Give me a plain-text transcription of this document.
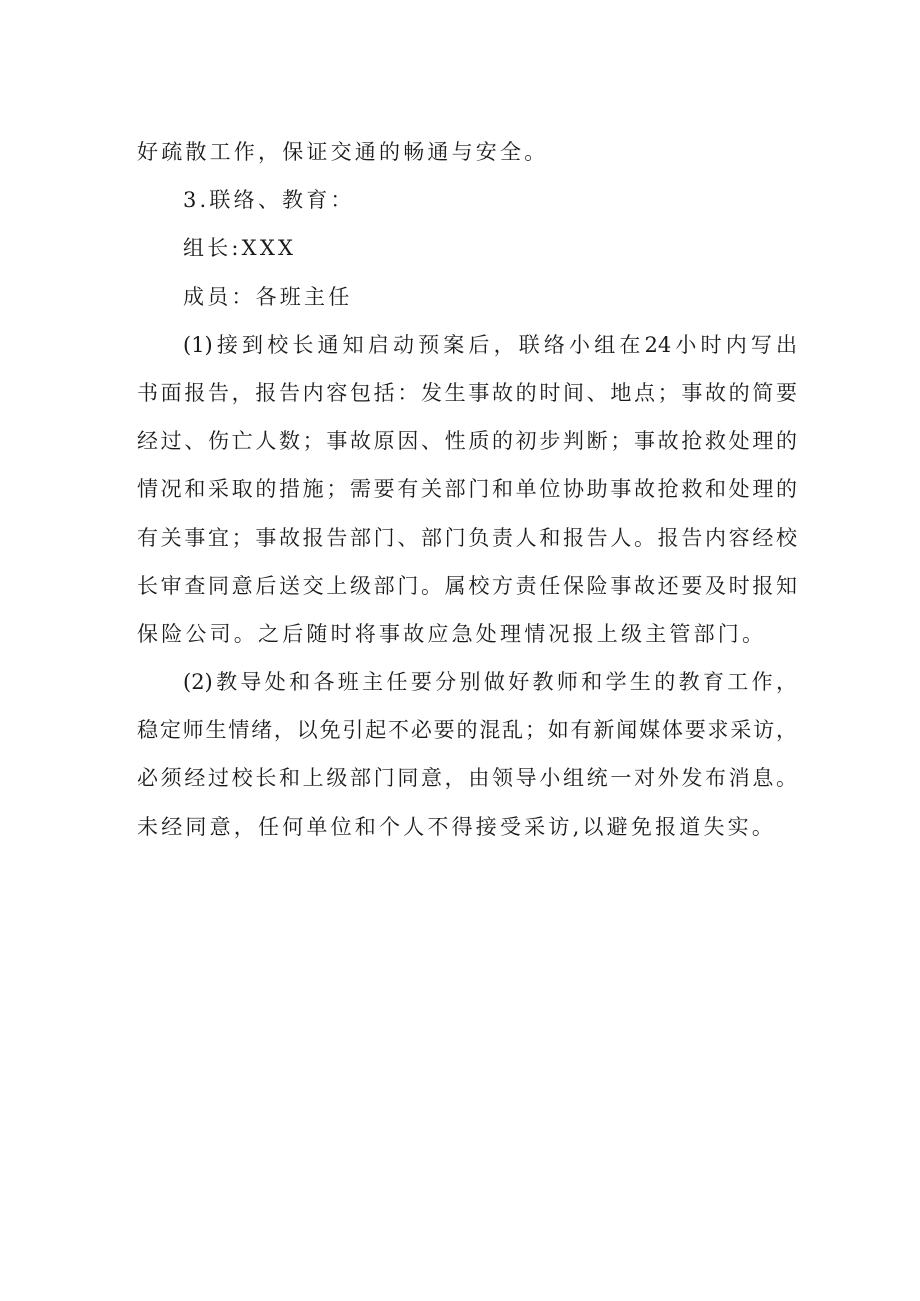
好疏散工作，保证交通的畅通与安全。
3.联络、教育：
组长:XXX
成员：各班主任
(1)接到校长通知启动预案后，联络小组在24小时内写出
书面报告，报告内容包括：发生事故的时间、地点；事故的简要
经过、伤亡人数；事故原因、性质的初步判断；事故抢救处理的
情况和采取的措施；需要有关部门和单位协助事故抢救和处理的
有关事宜；事故报告部门、部门负责人和报告人。报告内容经校
长审查同意后送交上级部门。属校方责任保险事故还要及时报知
保险公司。之后随时将事故应急处理情况报上级主管部门。
(2)教导处和各班主任要分别做好教师和学生的教育工作，
稳定师生情绪，以免引起不必要的混乱；如有新闻媒体要求采访，
必须经过校长和上级部门同意，由领导小组统一对外发布消息。
未经同意，任何单位和个人不得接受采访,以避免报道失实。
